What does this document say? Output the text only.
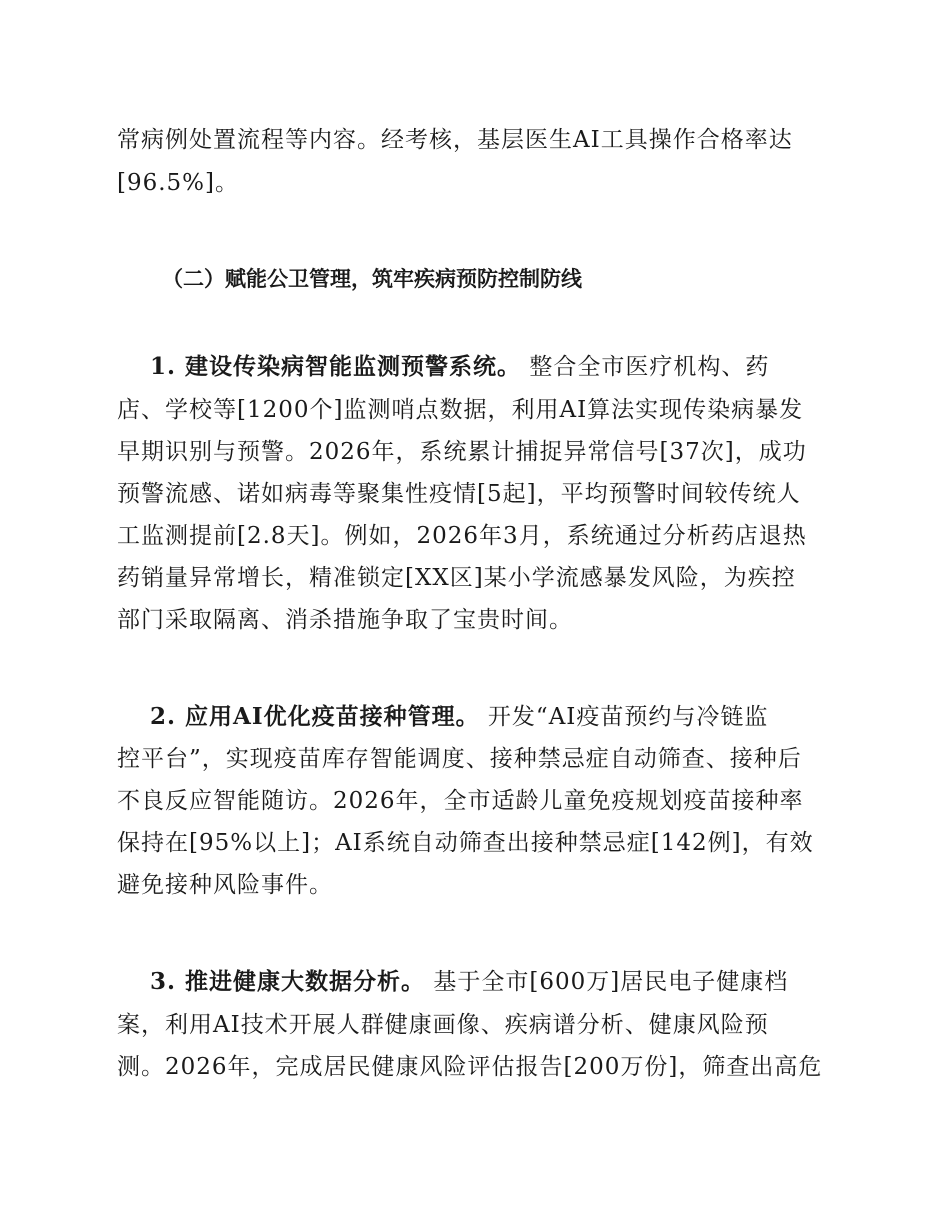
常病例处置流程等内容。经考核，基层医生AI工具操作合格率达
[96.5%]。
（二）赋能公卫管理，筑牢疾病预防控制防线
1. 建设传染病智能监测预警系统。 整合全市医疗机构、药
店、学校等[1200个]监测哨点数据，利用AI算法实现传染病暴发
早期识别与预警。2026年，系统累计捕捉异常信号[37次]，成功
预警流感、诺如病毒等聚集性疫情[5起]，平均预警时间较传统人
工监测提前[2.8天]。例如，2026年3月，系统通过分析药店退热
药销量异常增长，精准锁定[XX区]某小学流感暴发风险，为疾控
部门采取隔离、消杀措施争取了宝贵时间。
2. 应用AI优化疫苗接种管理。 开发“AI疫苗预约与冷链监
控平台”，实现疫苗库存智能调度、接种禁忌症自动筛查、接种后
不良反应智能随访。2026年，全市适龄儿童免疫规划疫苗接种率
保持在[95%以上]；AI系统自动筛查出接种禁忌症[142例]，有效
避免接种风险事件。
3. 推进健康大数据分析。 基于全市[600万]居民电子健康档
案，利用AI技术开展人群健康画像、疾病谱分析、健康风险预
测。2026年，完成居民健康风险评估报告[200万份]，筛查出高危
